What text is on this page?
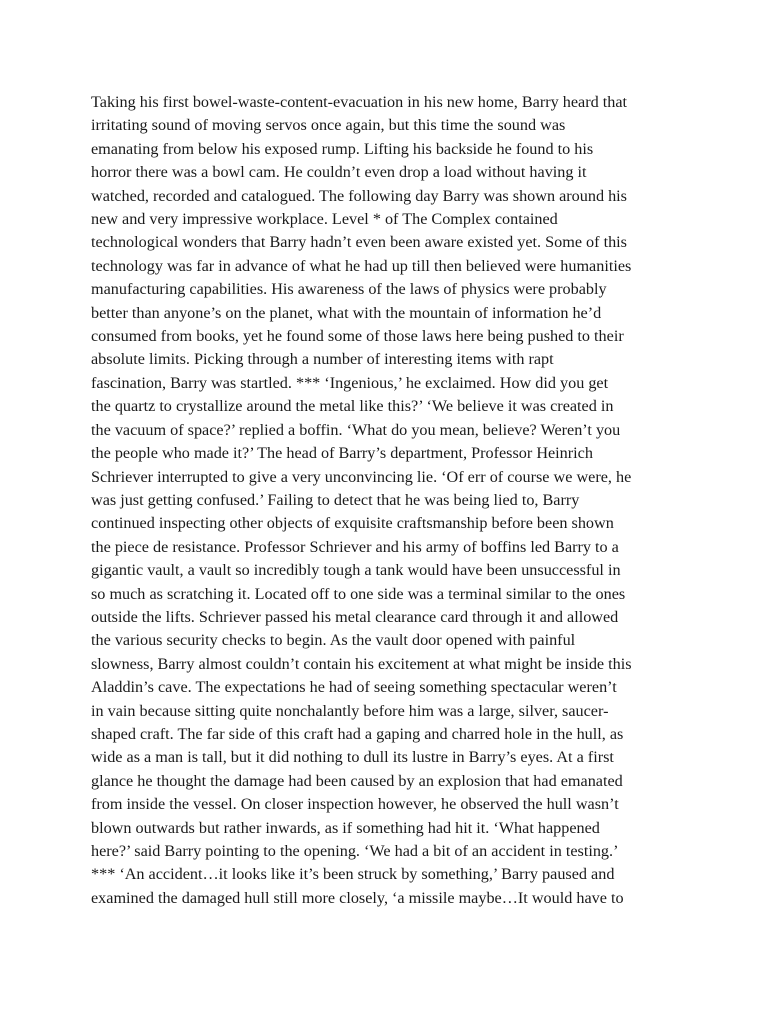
Taking his first bowel-waste-content-evacuation in his new home, Barry heard that
irritating sound of moving servos once again, but this time the sound was
emanating from below his exposed rump. Lifting his backside he found to his
horror there was a bowl cam. He couldn’t even drop a load without having it
watched, recorded and catalogued. The following day Barry was shown around his
new and very impressive workplace. Level * of The Complex contained
technological wonders that Barry hadn’t even been aware existed yet. Some of this
technology was far in advance of what he had up till then believed were humanities
manufacturing capabilities. His awareness of the laws of physics were probably
better than anyone’s on the planet, what with the mountain of information he’d
consumed from books, yet he found some of those laws here being pushed to their
absolute limits. Picking through a number of interesting items with rapt
fascination, Barry was startled. *** ‘Ingenious,’ he exclaimed. How did you get
the quartz to crystallize around the metal like this?’ ‘We believe it was created in
the vacuum of space?’ replied a boffin. ‘What do you mean, believe? Weren’t you
the people who made it?’ The head of Barry’s department, Professor Heinrich
Schriever interrupted to give a very unconvincing lie. ‘Of err of course we were, he
was just getting confused.’ Failing to detect that he was being lied to, Barry
continued inspecting other objects of exquisite craftsmanship before been shown
the piece de resistance. Professor Schriever and his army of boffins led Barry to a
gigantic vault, a vault so incredibly tough a tank would have been unsuccessful in
so much as scratching it. Located off to one side was a terminal similar to the ones
outside the lifts. Schriever passed his metal clearance card through it and allowed
the various security checks to begin. As the vault door opened with painful
slowness, Barry almost couldn’t contain his excitement at what might be inside this
Aladdin’s cave. The expectations he had of seeing something spectacular weren’t
in vain because sitting quite nonchalantly before him was a large, silver, saucer-
shaped craft. The far side of this craft had a gaping and charred hole in the hull, as
wide as a man is tall, but it did nothing to dull its lustre in Barry’s eyes. At a first
glance he thought the damage had been caused by an explosion that had emanated
from inside the vessel. On closer inspection however, he observed the hull wasn’t
blown outwards but rather inwards, as if something had hit it. ‘What happened
here?’ said Barry pointing to the opening. ‘We had a bit of an accident in testing.’
*** ‘An accident…it looks like it’s been struck by something,’ Barry paused and
examined the damaged hull still more closely, ‘a missile maybe…It would have to
